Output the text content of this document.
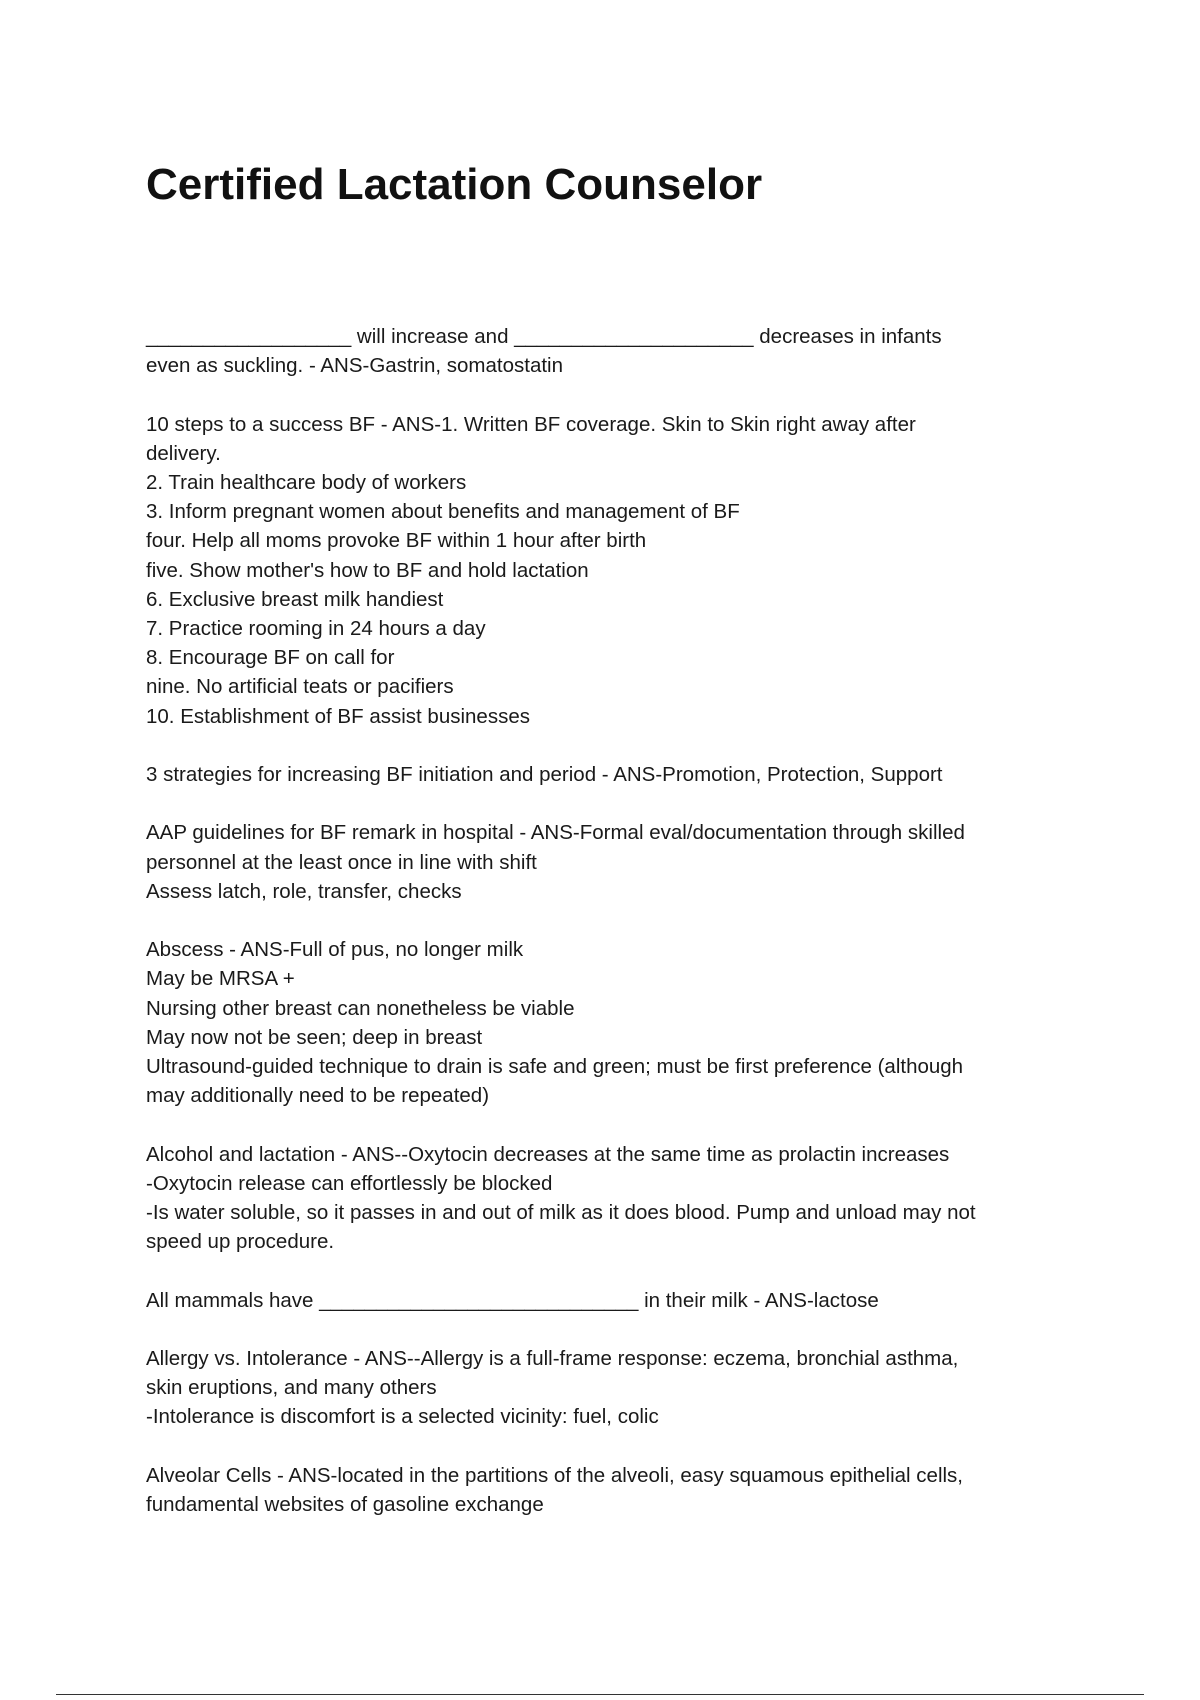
Certified Lactation Counselor
__________________ will increase and _____________________ decreases in infants
even as suckling. - ANS-Gastrin, somatostatin
10 steps to a success BF - ANS-1. Written BF coverage. Skin to Skin right away after
delivery.
2. Train healthcare body of workers
3. Inform pregnant women about benefits and management of BF
four. Help all moms provoke BF within 1 hour after birth
five. Show mother's how to BF and hold lactation
6. Exclusive breast milk handiest
7. Practice rooming in 24 hours a day
8. Encourage BF on call for
nine. No artificial teats or pacifiers
10. Establishment of BF assist businesses
3 strategies for increasing BF initiation and period - ANS-Promotion, Protection, Support
AAP guidelines for BF remark in hospital - ANS-Formal eval/documentation through skilled
personnel at the least once in line with shift
Assess latch, role, transfer, checks
Abscess - ANS-Full of pus, no longer milk
May be MRSA +
Nursing other breast can nonetheless be viable
May now not be seen; deep in breast
Ultrasound-guided technique to drain is safe and green; must be first preference (although
may additionally need to be repeated)
Alcohol and lactation - ANS--Oxytocin decreases at the same time as prolactin increases
-Oxytocin release can effortlessly be blocked
-Is water soluble, so it passes in and out of milk as it does blood. Pump and unload may not
speed up procedure.
All mammals have ____________________________ in their milk - ANS-lactose
Allergy vs. Intolerance - ANS--Allergy is a full-frame response: eczema, bronchial asthma,
skin eruptions, and many others
-Intolerance is discomfort is a selected vicinity: fuel, colic
Alveolar Cells - ANS-located in the partitions of the alveoli, easy squamous epithelial cells,
fundamental websites of gasoline exchange
